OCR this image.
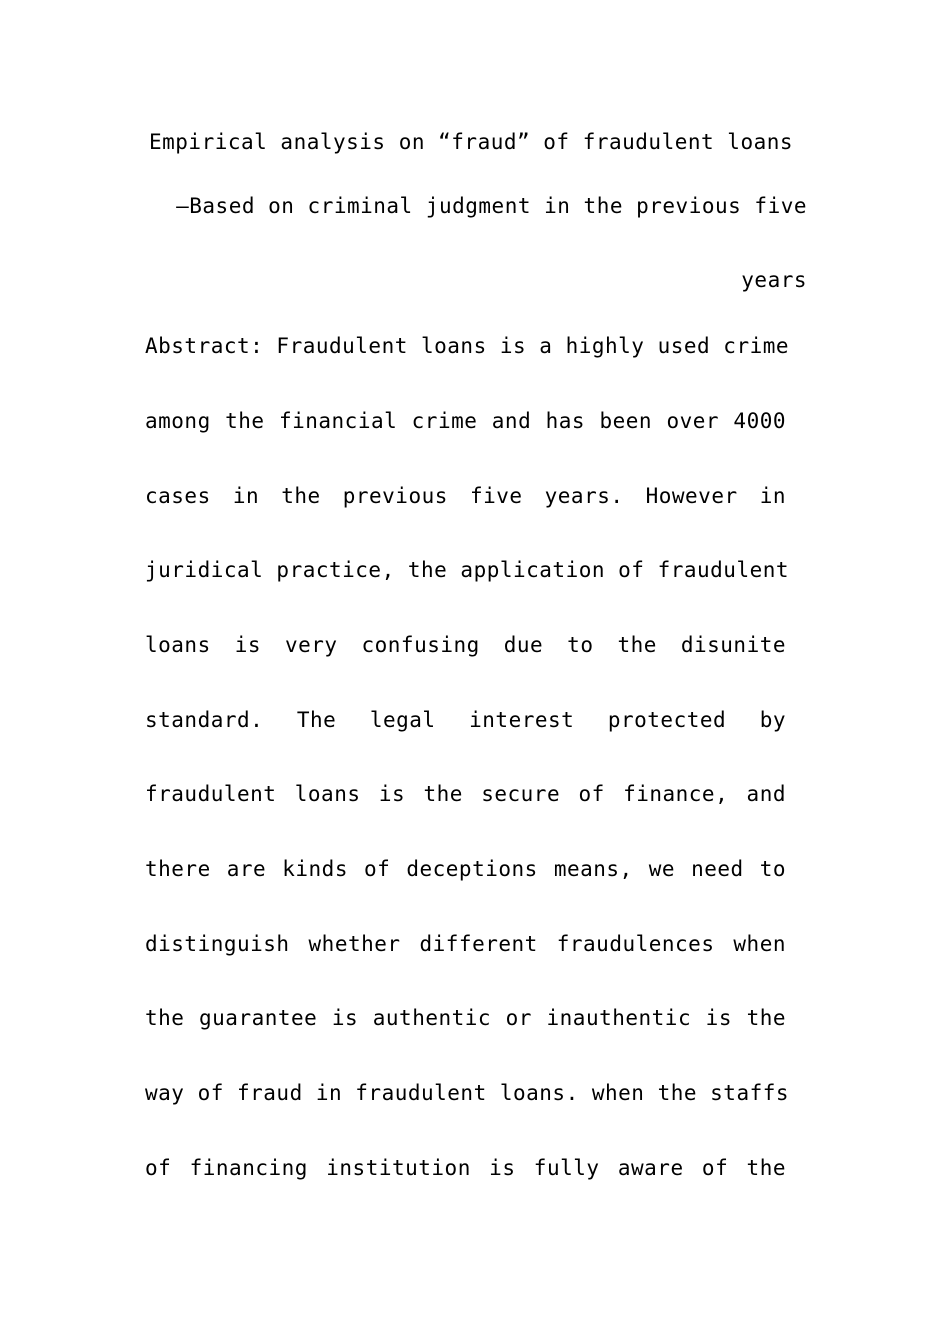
Empirical analysis on “fraud” of fraudulent loans
—Based on criminal judgment in the previous five
years
Abstract: Fraudulent loans is a highly used crime
among the financial crime and has been over 4000
cases in the previous five years. However in
juridical practice, the application of fraudulent
loans is very confusing due to the disunite
standard. The legal interest protected by
fraudulent loans is the secure of finance, and
there are kinds of deceptions means, we need to
distinguish whether different fraudulences when
the guarantee is authentic or inauthentic is the
way of fraud in fraudulent loans. when the staffs
of financing institution is fully aware of the
